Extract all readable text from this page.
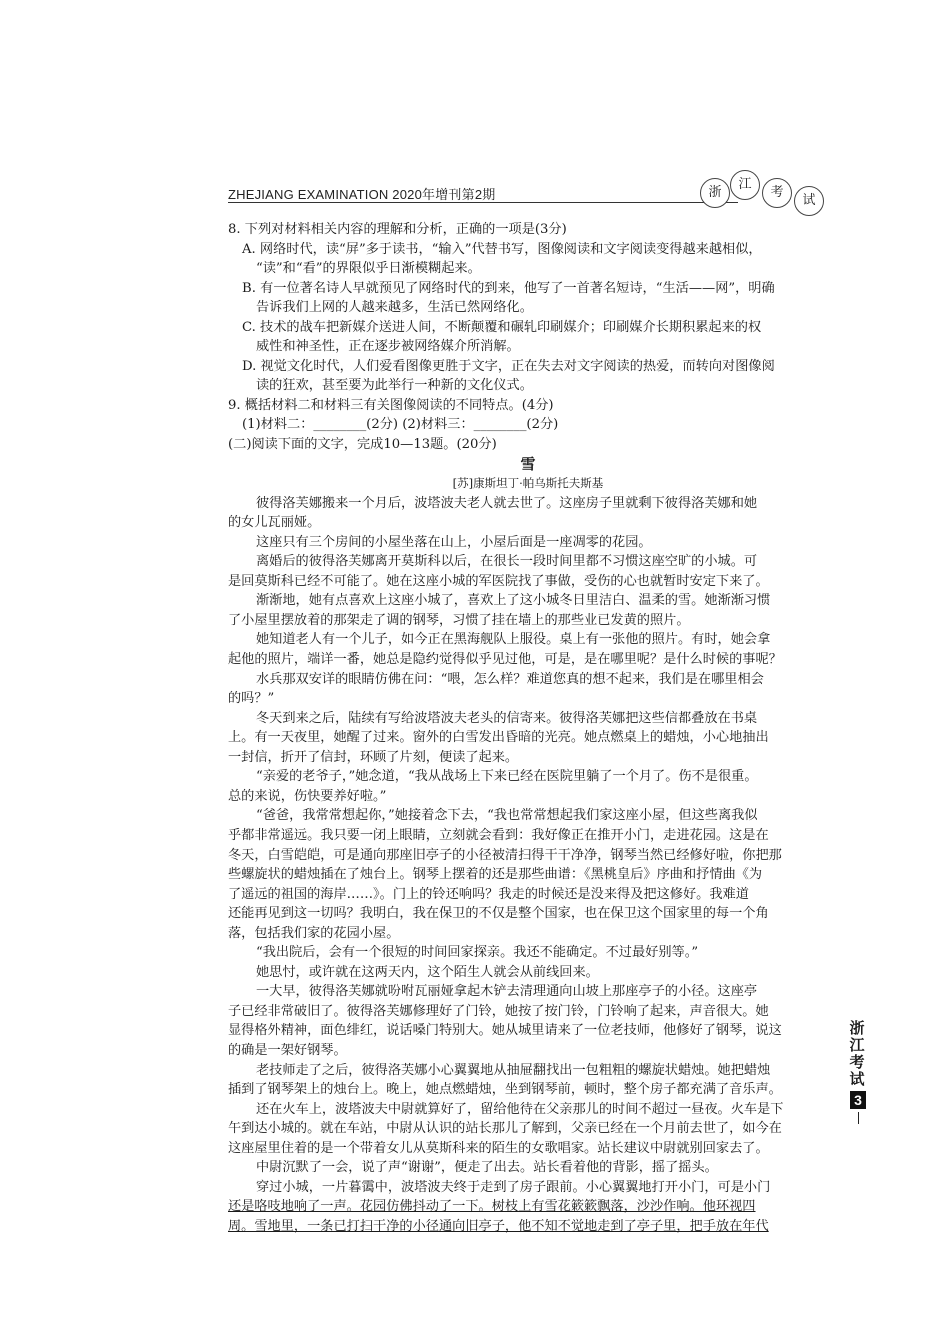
ZHEJIANG EXAMINATION 2020年增刊第2期	浙
江
考
试
8. 下列对材料相关内容的理解和分析，正确的一项是(3分)
A. 网络时代，读“屏”多于读书，“输入”代替书写，图像阅读和文字阅读变得越来越相似，
“读”和“看”的界限似乎日渐模糊起来。
B. 有一位著名诗人早就预见了网络时代的到来，他写了一首著名短诗，“生活——网”，明确
告诉我们上网的人越来越多，生活已然网络化。
C. 技术的战车把新媒介送进人间，不断颠覆和碾轧印刷媒介；印刷媒介长期积累起来的权
威性和神圣性，正在逐步被网络媒介所消解。
D. 视觉文化时代，人们爱看图像更胜于文字，正在失去对文字阅读的热爱，而转向对图像阅
读的狂欢，甚至要为此举行一种新的文化仪式。
9. 概括材料二和材料三有关图像阅读的不同特点。(4分)
(1)材料二：________(2分) (2)材料三：________(2分)
(二)阅读下面的文字，完成10—13题。(20分)
雪
[苏]康斯坦丁·帕乌斯托夫斯基
彼得洛芙娜搬来一个月后，波塔波夫老人就去世了。这座房子里就剩下彼得洛芙娜和她
的女儿瓦丽娅。
这座只有三个房间的小屋坐落在山上，小屋后面是一座凋零的花园。
离婚后的彼得洛芙娜离开莫斯科以后，在很长一段时间里都不习惯这座空旷的小城。可
是回莫斯科已经不可能了。她在这座小城的军医院找了事做，受伤的心也就暂时安定下来了。
渐渐地，她有点喜欢上这座小城了，喜欢上了这小城冬日里洁白、温柔的雪。她渐渐习惯
了小屋里摆放着的那架走了调的钢琴，习惯了挂在墙上的那些业已发黄的照片。
她知道老人有一个儿子，如今正在黑海舰队上服役。桌上有一张他的照片。有时，她会拿
起他的照片，端详一番，她总是隐约觉得似乎见过他，可是，是在哪里呢？是什么时候的事呢？
水兵那双安详的眼睛仿佛在问：“喂，怎么样？难道您真的想不起来，我们是在哪里相会
的吗？”
冬天到来之后，陆续有写给波塔波夫老头的信寄来。彼得洛芙娜把这些信都叠放在书桌
上。有一天夜里，她醒了过来。窗外的白雪发出昏暗的光亮。她点燃桌上的蜡烛，小心地抽出
一封信，折开了信封，环顾了片刻，便读了起来。
“亲爱的老爷子，”她念道，“我从战场上下来已经在医院里躺了一个月了。伤不是很重。
总的来说，伤快要养好啦。”
“爸爸，我常常想起你，”她接着念下去，“我也常常想起我们家这座小屋，但这些离我似
乎都非常遥远。我只要一闭上眼睛，立刻就会看到：我好像正在推开小门，走进花园。这是在
冬天，白雪皑皑，可是通向那座旧亭子的小径被清扫得干干净净，钢琴当然已经修好啦，你把那
些螺旋状的蜡烛插在了烛台上。钢琴上摆着的还是那些曲谱：《黑桃皇后》序曲和抒情曲《为
了遥远的祖国的海岸……》。门上的铃还响吗？我走的时候还是没来得及把这修好。我难道
还能再见到这一切吗？我明白，我在保卫的不仅是整个国家，也在保卫这个国家里的每一个角
落，包括我们家的花园小屋。
“我出院后，会有一个很短的时间回家探亲。我还不能确定。不过最好别等。”
她思忖，或许就在这两天内，这个陌生人就会从前线回来。
一大早，彼得洛芙娜就吩咐瓦丽娅拿起木铲去清理通向山坡上那座亭子的小径。这座亭
子已经非常破旧了。彼得洛芙娜修理好了门铃，她按了按门铃，门铃响了起来，声音很大。她
显得格外精神，面色绯红，说话嗓门特别大。她从城里请来了一位老技师，他修好了钢琴，说这
的确是一架好钢琴。
老技师走了之后，彼得洛芙娜小心翼翼地从抽屉翻找出一包粗粗的螺旋状蜡烛。她把蜡烛
插到了钢琴架上的烛台上。晚上，她点燃蜡烛，坐到钢琴前，顿时，整个房子都充满了音乐声。
还在火车上，波塔波夫中尉就算好了，留给他待在父亲那儿的时间不超过一昼夜。火车是下
午到达小城的。就在车站，中尉从认识的站长那儿了解到，父亲已经在一个月前去世了，如今在
这座屋里住着的是一个带着女儿从莫斯科来的陌生的女歌唱家。站长建议中尉就别回家去了。
中尉沉默了一会，说了声“谢谢”，便走了出去。站长看着他的背影，摇了摇头。
穿过小城，一片暮霭中，波塔波夫终于走到了房子跟前。小心翼翼地打开小门，可是小门
还是咯吱地响了一声。花园仿佛抖动了一下。树枝上有雪花簌簌飘落，沙沙作响。他环视四
周。雪地里，一条已打扫干净的小径通向旧亭子，他不知不觉地走到了亭子里，把手放在年代
浙江考试
3
